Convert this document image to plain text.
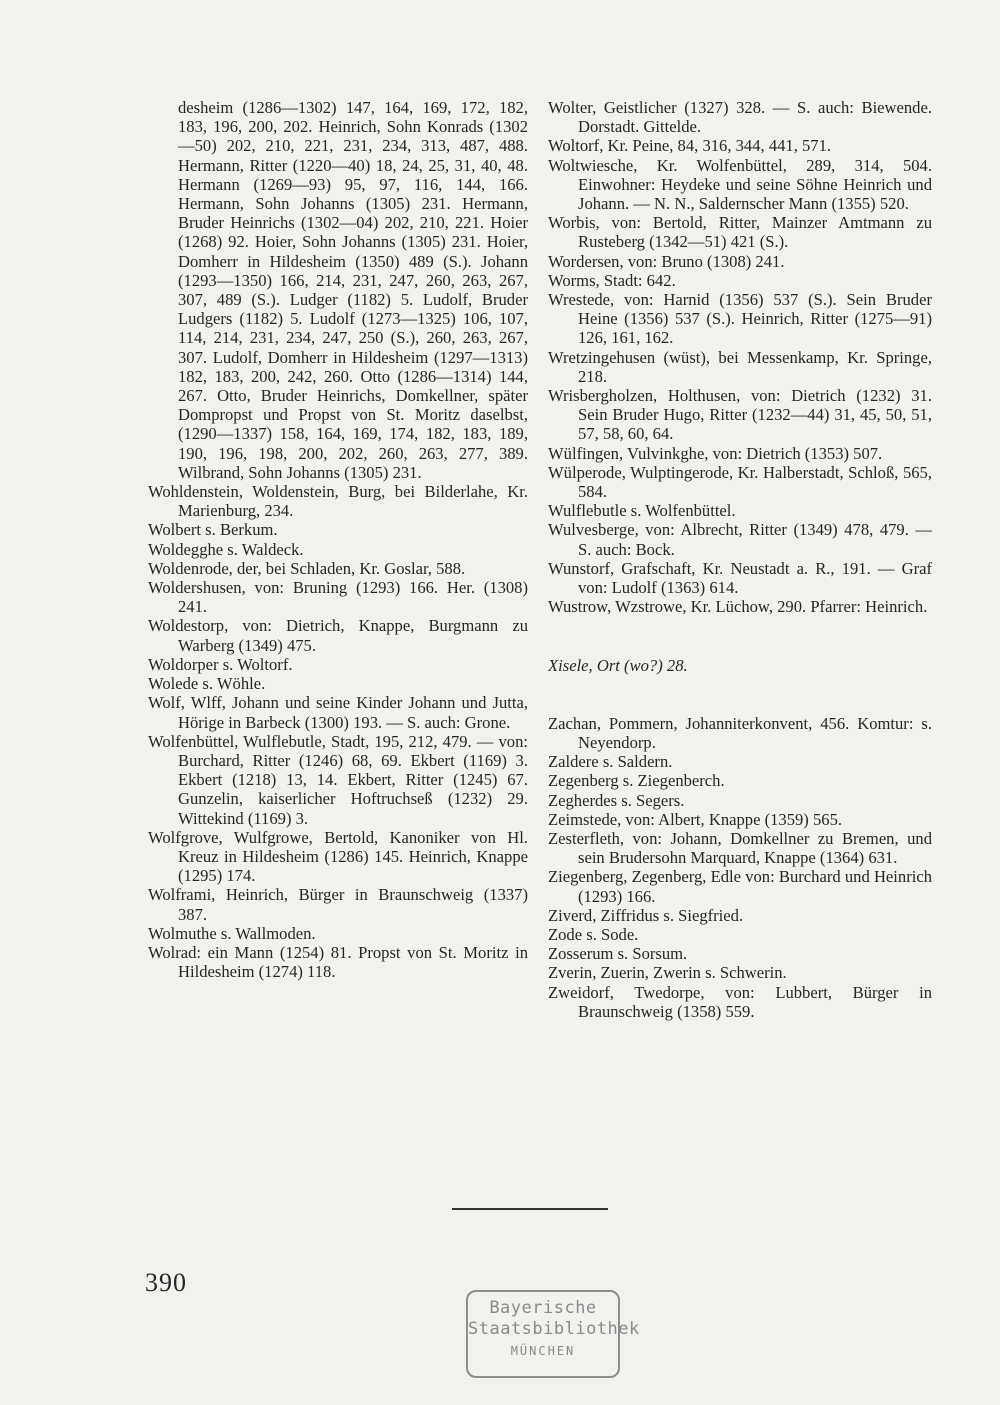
desheim (1286—1302) 147, 164, 169, 172, 182, 183, 196, 200, 202. Heinrich, Sohn Konrads (1302—50) 202, 210, 221, 231, 234, 313, 487, 488. Hermann, Ritter (1220—40) 18, 24, 25, 31, 40, 48. Hermann (1269—93) 95, 97, 116, 144, 166. Hermann, Sohn Johanns (1305) 231. Hermann, Bruder Heinrichs (1302—04) 202, 210, 221. Hoier (1268) 92. Hoier, Sohn Johanns (1305) 231. Hoier, Domherr in Hildesheim (1350) 489 (S.). Johann (1293—1350) 166, 214, 231, 247, 260, 263, 267, 307, 489 (S.). Ludger (1182) 5. Ludolf, Bruder Ludgers (1182) 5. Ludolf (1273—1325) 106, 107, 114, 214, 231, 234, 247, 250 (S.), 260, 263, 267, 307. Ludolf, Domherr in Hildesheim (1297—1313) 182, 183, 200, 242, 260. Otto (1286—1314) 144, 267. Otto, Bruder Heinrichs, Domkellner, später Dompropst und Propst von St. Moritz daselbst, (1290—1337) 158, 164, 169, 174, 182, 183, 189, 190, 196, 198, 200, 202, 260, 263, 277, 389. Wilbrand, Sohn Johanns (1305) 231.

Wohldenstein, Woldenstein, Burg, bei Bilderlahe, Kr. Marienburg, 234.

Wolbert s. Berkum.

Woldegghe s. Waldeck.

Woldenrode, der, bei Schladen, Kr. Goslar, 588.

Woldershusen, von: Bruning (1293) 166. Her. (1308) 241.

Woldestorp, von: Dietrich, Knappe, Burgmann zu Warberg (1349) 475.

Woldorper s. Woltorf.

Wolede s. Wöhle.

Wolf, Wlff, Johann und seine Kinder Johann und Jutta, Hörige in Barbeck (1300) 193. — S. auch: Grone.

Wolfenbüttel, Wulflebutle, Stadt, 195, 212, 479. — von: Burchard, Ritter (1246) 68, 69. Ekbert (1169) 3. Ekbert (1218) 13, 14. Ekbert, Ritter (1245) 67. Gunzelin, kaiserlicher Hoftruchseß (1232) 29. Wittekind (1169) 3.

Wolfgrove, Wulfgrowe, Bertold, Kanoniker von Hl. Kreuz in Hildesheim (1286) 145. Heinrich, Knappe (1295) 174.

Wolframi, Heinrich, Bürger in Braunschweig (1337) 387.

Wolmuthe s. Wallmoden.

Wolrad: ein Mann (1254) 81. Propst von St. Moritz in Hildesheim (1274) 118.

Wolter, Geistlicher (1327) 328. — S. auch: Biewende. Dorstadt. Gittelde.

Woltorf, Kr. Peine, 84, 316, 344, 441, 571.

Woltwiesche, Kr. Wolfenbüttel, 289, 314, 504. Einwohner: Heydeke und seine Söhne Heinrich und Johann. — N. N., Saldernscher Mann (1355) 520.

Worbis, von: Bertold, Ritter, Mainzer Amtmann zu Rusteberg (1342—51) 421 (S.).

Wordersen, von: Bruno (1308) 241.

Worms, Stadt: 642.

Wrestede, von: Harnid (1356) 537 (S.). Sein Bruder Heine (1356) 537 (S.). Heinrich, Ritter (1275—91) 126, 161, 162.

Wretzingehusen (wüst), bei Messenkamp, Kr. Springe, 218.

Wrisbergholzen, Holthusen, von: Dietrich (1232) 31. Sein Bruder Hugo, Ritter (1232—44) 31, 45, 50, 51, 57, 58, 60, 64.

Wülfingen, Vulvinkghe, von: Dietrich (1353) 507.

Wülperode, Wulptingerode, Kr. Halberstadt, Schloß, 565, 584.

Wulflebutle s. Wolfenbüttel.

Wulvesberge, von: Albrecht, Ritter (1349) 478, 479. — S. auch: Bock.

Wunstorf, Grafschaft, Kr. Neustadt a. R., 191. — Graf von: Ludolf (1363) 614.

Wustrow, Wzstrowe, Kr. Lüchow, 290. Pfarrer: Heinrich.

Xisele, Ort (wo?) 28.

Zachan, Pommern, Johanniterkonvent, 456. Komtur: s. Neyendorp.

Zaldere s. Saldern.

Zegenberg s. Ziegenberch.

Zegherdes s. Segers.

Zeimstede, von: Albert, Knappe (1359) 565.

Zesterfleth, von: Johann, Domkellner zu Bremen, und sein Brudersohn Marquard, Knappe (1364) 631.

Ziegenberg, Zegenberg, Edle von: Burchard und Heinrich (1293) 166.

Ziverd, Ziffridus s. Siegfried.

Zode s. Sode.

Zosserum s. Sorsum.

Zverin, Zuerin, Zwerin s. Schwerin.

Zweidorf, Twedorpe, von: Lubbert, Bürger in Braunschweig (1358) 559.

390
Bayerische
Staatsbibliothek
MÜNCHEN
